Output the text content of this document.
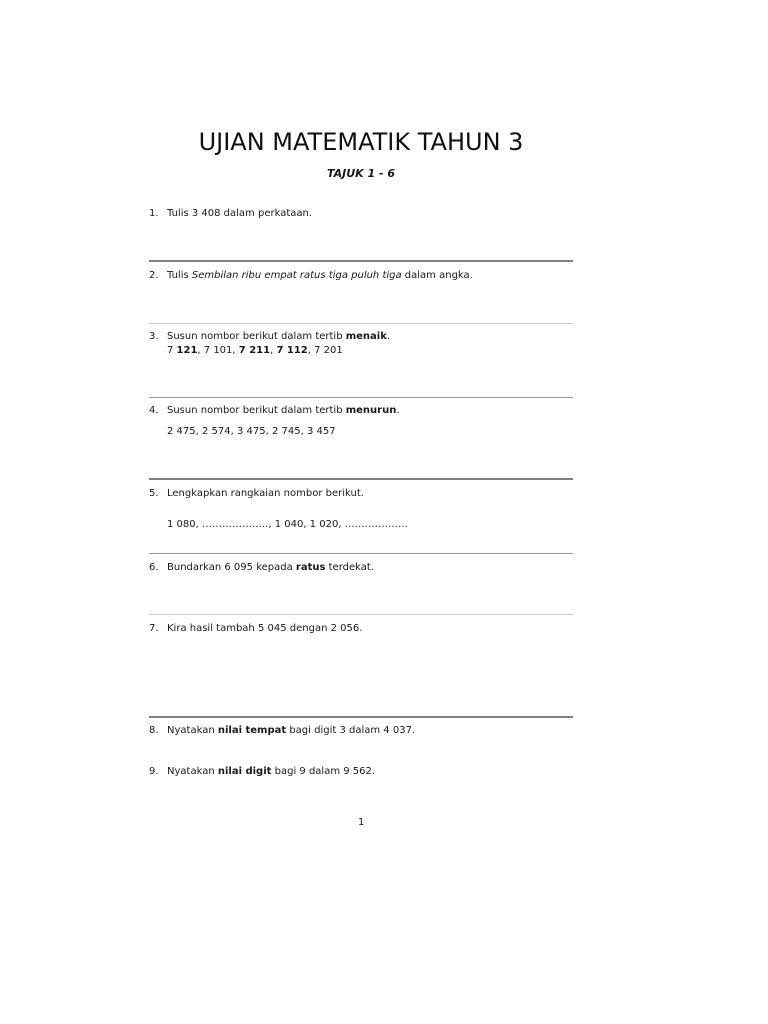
UJIAN MATEMATIK TAHUN 3
TAJUK 1 - 6
1. Tulis 3 408 dalam perkataan.
2. Tulis Sembilan ribu empat ratus tiga puluh tiga dalam angka.
3. Susun nombor berikut dalam tertib menaik.
7 121, 7 101, 7 211, 7 112, 7 201
4. Susun nombor berikut dalam tertib menurun.
2 475, 2 574, 3 475, 2 745, 3 457
5. Lengkapkan rangkaian nombor berikut.
1 080, ……………….., 1 040, 1 020, ……………….
6. Bundarkan 6 095 kepada ratus terdekat.
7. Kira hasil tambah 5 045 dengan 2 056.
8. Nyatakan nilai tempat bagi digit 3 dalam 4 037.
9. Nyatakan nilai digit bagi 9 dalam 9 562.
1
